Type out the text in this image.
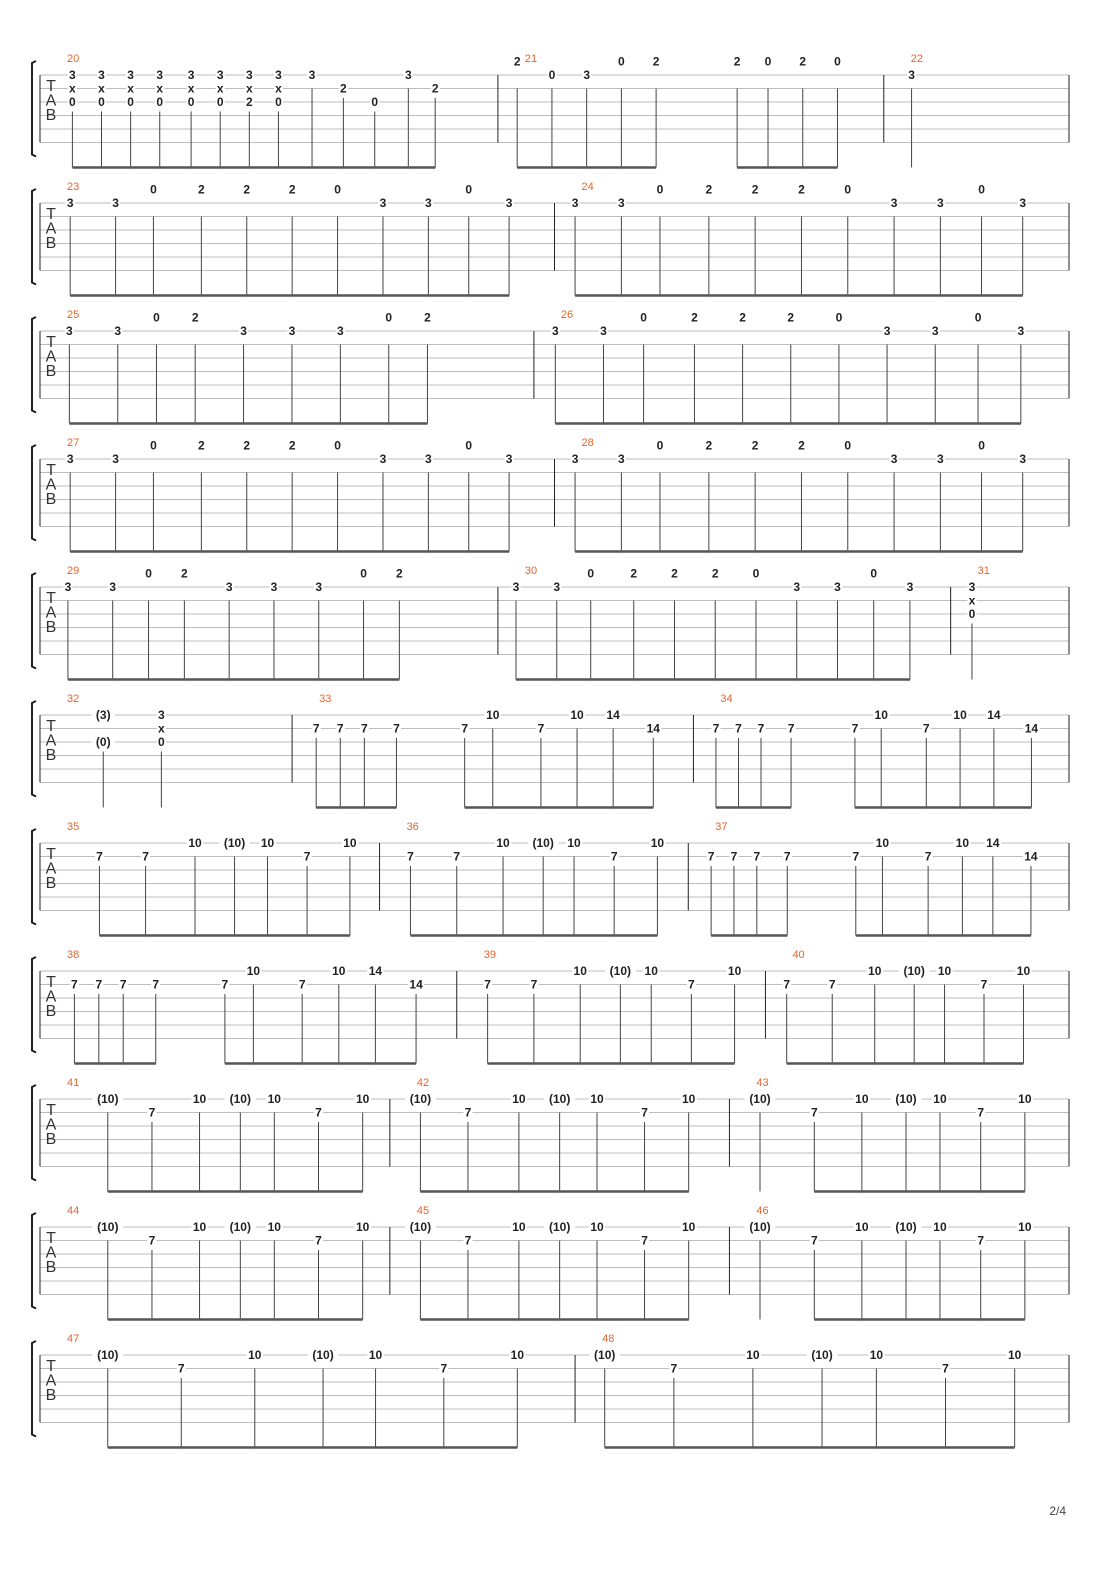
T
A
B
20
3
x
0
3
x
0
3
x
0
3
x
0
3
x
0
3
x
0
3
x
2
3
x
0
3
2
0
3
2
21
2
0 3
0 2	2 0 2 0	22
3
T
A
B
23
3	3
0	2	2	2	0
3	3
0
3
24
3	3
0	2	2	2	0
3	3
0
3
T
A
B
25
3	3
0	2
3	3	3
0	2	26
3	3
0	2	2	2	0
3	3
0
3
T
A
B
27
3	3
0	2	2	2	0
3	3
0
3
28
3	3
0	2	2	2	0
3	3
0
3
T
A
B
29
3	3
0 2
3	3	3
0 2	30
3	3
0	2	2	2	0
3	3
0
3
31
3
x
0
T
A
B
32
(3)
(0)
3
x
0
33
7 7 7 7	7
10
7
10 14
14
34
7 7 7 7	7
10
7
10 14
14
T
A
B
35
7	7
10 (10) 10
7
10
36
7	7
10 (10) 10
7
10
37
7 7 7 7	7
10
7
10 14
14
T
A
B
38
7 7 7 7	7
10
7
10 14
14
39
7	7
10 (10) 10
7
10
40
7	7
10 (10) 10
7
10
T
A
B
41
(10)
7
10 (10) 10
7
10
42
(10)
7
10 (10) 10
7
10
43
(10)
7
10 (10) 10
7
10
T
A
B
44
(10)
7
10 (10) 10
7
10
45
(10)
7
10 (10) 10
7
10
46
(10)
7
10 (10) 10
7
10
T
A
B
47
(10)
7
10	(10)	10
7
10
48
(10)
7
10	(10)	10
7
10
2/4
